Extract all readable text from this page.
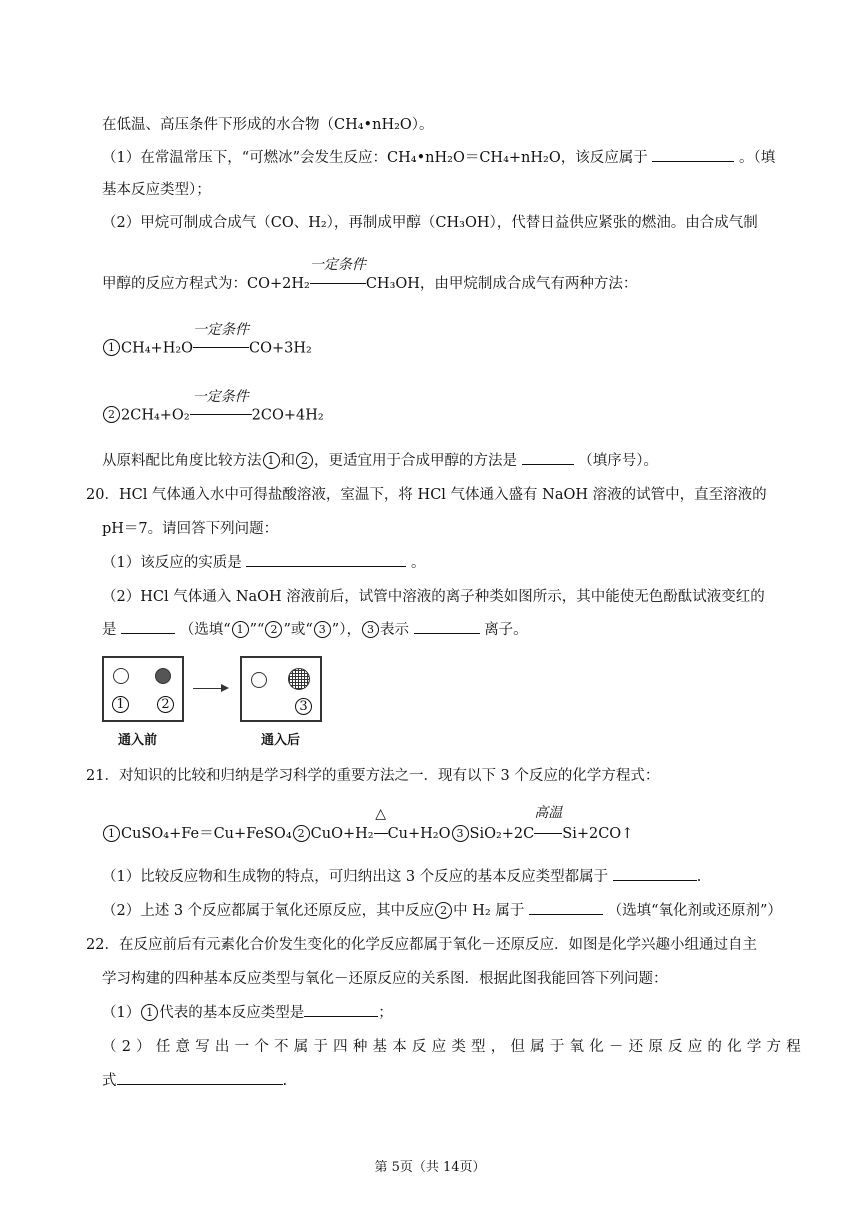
在低温、高压条件下形成的水合物（CH₄•nH₂O）。
（1）在常温常压下，“可燃冰”会发生反应：CH₄•nH₂O＝CH₄+nH₂O，该反应属于	。（填
基本反应类型）；
（2）甲烷可制成合成气（CO、H₂），再制成甲醇（CH₃OH），代替日益供应紧张的燃油。由合成气制
甲醇的反应方程式为：CO+2H₂
一定条件
CH₃OH，由甲烷制成合成气有两种方法：
1 CH₄+H₂O
一定条件
CO+3H₂
2 2CH₄+O₂
一定条件
2CO+4H₂
从原料配比角度比较方法 1 和 2 ，更适宜用于合成甲醇的方法是	（填序号）。
20．HCl 气体通入水中可得盐酸溶液，室温下，将 HCl 气体通入盛有 NaOH 溶液的试管中，直至溶液的
pH＝7。请回答下列问题：
（1）该反应的实质是	。
（2）HCl 气体通入 NaOH 溶液前后，试管中溶液的离子种类如图所示，其中能使无色酚酞试液变红的
是	（选填“ 1 ”“ 2 ”或“ 3 ”）， 3 表示	离子。
1	2	3
通入前	通入后
21．对知识的比较和归纳是学习科学的重要方法之一．现有以下 3 个反应的化学方程式：
1 CuSO₄+Fe＝Cu+FeSO₄ 2 CuO+H₂
△
Cu+H₂O 3 SiO₂+2C
高温
Si+2CO↑
（1）比较反应物和生成物的特点，可归纳出这 3 个反应的基本反应类型都属于	.
（2）上述 3 个反应都属于氧化还原反应，其中反应 2 中 H₂ 属于	（选填“氧化剂或还原剂”）
22．在反应前后有元素化合价发生变化的化学反应都属于氧化－还原反应．如图是化学兴趣小组通过自主
学习构建的四种基本反应类型与氧化－还原反应的关系图．根据此图我能回答下列问题：
（1） 1 代表的基本反应类型是	；
（2）任意写出一个不属于四种基本反应类型，但属于氧化－还原反应的化学方程
式	.
第 5页（共 14页）
